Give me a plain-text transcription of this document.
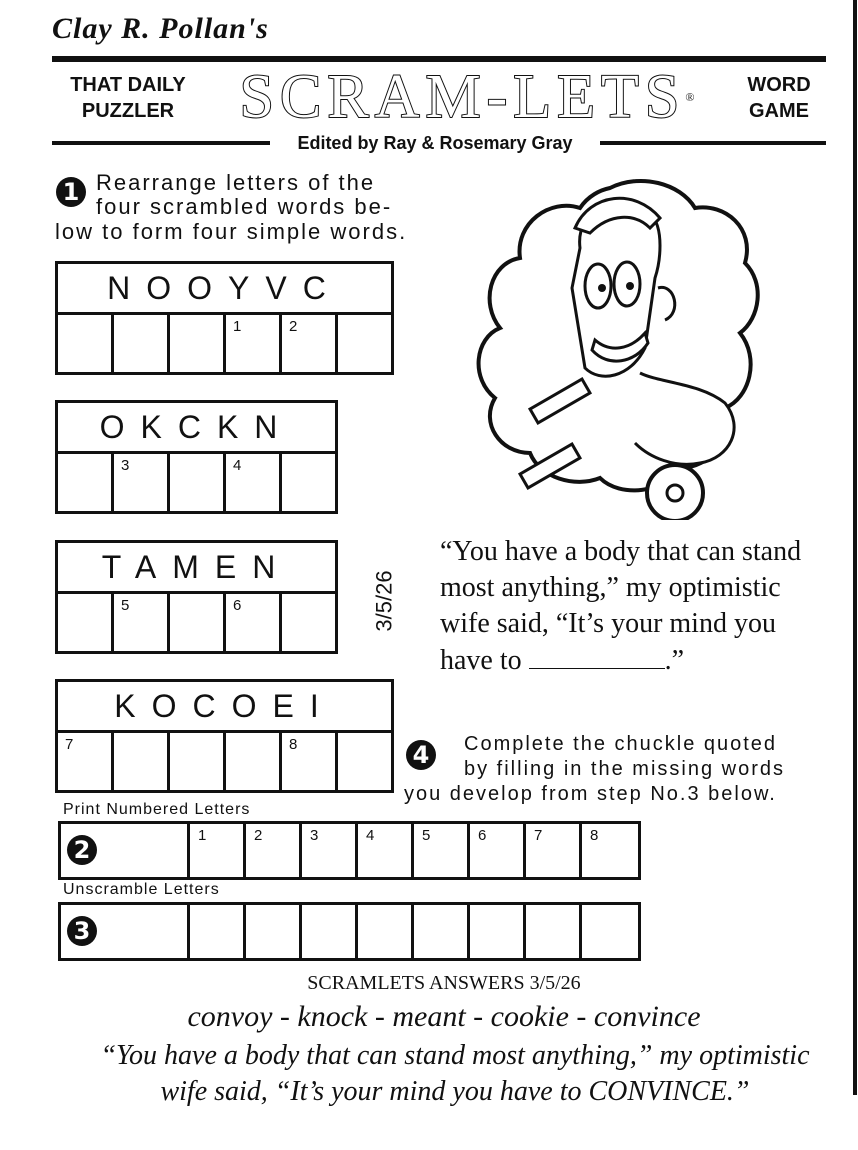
Clay R. Pollan's
THAT DAILY
PUZZLER	SCRAM-LETS®
WORD
GAME
Edited by Ray & Rosemary Gray
1 Rearrange letters of the
four scrambled words be-
low to form four simple words.
NOOYVC
1	2
OKCKN
3	4
TAMEN
5	6	3/5/26
KOCOEI
7	8
“You have a body that can stand
most anything,” my optimistic
wife said, “It’s your mind you
have to	.”
4	Complete the chuckle quoted
by filling in the missing words
you develop from step No.3 below.
Print Numbered Letters
2
1	2	3	4	5	6	7	8
Unscramble Letters
3
SCRAMLETS ANSWERS 3/5/26
convoy - knock - meant - cookie - convince
“You have a body that can stand most anything,” my optimistic
wife said, “It’s your mind you have to CONVINCE.”
